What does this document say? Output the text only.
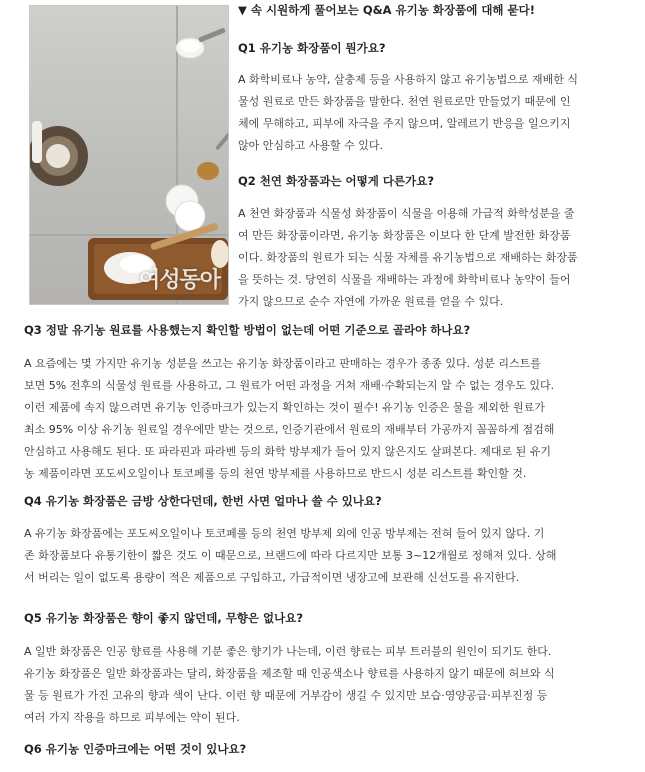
여성동아
▼ 속 시원하게 풀어보는 Q&A 유기농 화장품에 대해 묻다!
Q1 유기농 화장품이 뭔가요?
A 화학비료나 농약, 살충제 등을 사용하지 않고 유기농법으로 재배한 식
물성 원료로 만든 화장품을 말한다. 천연 원료로만 만들었기 때문에 인
체에 무해하고, 피부에 자극을 주지 않으며, 알레르기 반응을 일으키지
않아 안심하고 사용할 수 있다.
Q2 천연 화장품과는 어떻게 다른가요?
A 천연 화장품과 식물성 화장품이 식물을 이용해 가급적 화학성분을 줄
여 만든 화장품이라면, 유기농 화장품은 이보다 한 단계 발전한 화장품
이다. 화장품의 원료가 되는 식물 자체를 유기농법으로 재배하는 화장품
을 뜻하는 것. 당연히 식물을 재배하는 과정에 화학비료나 농약이 들어
가지 않으므로 순수 자연에 가까운 원료를 얻을 수 있다.
Q3 정말 유기농 원료를 사용했는지 확인할 방법이 없는데 어떤 기준으로 골라야 하나요?
A 요즘에는 몇 가지만 유기농 성분을 쓰고는 유기농 화장품이라고 판매하는 경우가 종종 있다. 성분 리스트를
보면 5% 전후의 식물성 원료를 사용하고, 그 원료가 어떤 과정을 거쳐 재배·수확되는지 알 수 없는 경우도 있다.
이런 제품에 속지 않으려면 유기농 인증마크가 있는지 확인하는 것이 필수! 유기농 인증은 물을 제외한 원료가
최소 95% 이상 유기농 원료일 경우에만 받는 것으로, 인증기관에서 원료의 재배부터 가공까지 꼼꼼하게 점검해
안심하고 사용해도 된다. 또 파라핀과 파라벤 등의 화학 방부제가 들어 있지 않은지도 살펴본다. 제대로 된 유기
농 제품이라면 포도씨오일이나 토코페롤 등의 천연 방부제를 사용하므로 반드시 성분 리스트를 확인할 것.
Q4 유기농 화장품은 금방 상한다던데, 한번 사면 얼마나 쓸 수 있나요?
A 유기농 화장품에는 포도씨오일이나 토코페롤 등의 천연 방부제 외에 인공 방부제는 전혀 들어 있지 않다. 기
존 화장품보다 유통기한이 짧은 것도 이 때문으로, 브랜드에 따라 다르지만 보통 3~12개월로 정해져 있다. 상해
서 버리는 일이 없도록 용량이 적은 제품으로 구입하고, 가급적이면 냉장고에 보관해 신선도를 유지한다.
Q5 유기농 화장품은 향이 좋지 않던데, 무향은 없나요?
A 일반 화장품은 인공 향료를 사용해 기분 좋은 향기가 나는데, 이런 향료는 피부 트러블의 원인이 되기도 한다.
유기농 화장품은 일반 화장품과는 달리, 화장품을 제조할 때 인공색소나 향료를 사용하지 않기 때문에 허브와 식
물 등 원료가 가진 고유의 향과 색이 난다. 이런 향 때문에 거부감이 생길 수 있지만 보습·영양공급·피부진정 등
여러 가지 작용을 하므로 피부에는 약이 된다.
Q6 유기농 인증마크에는 어떤 것이 있나요?
